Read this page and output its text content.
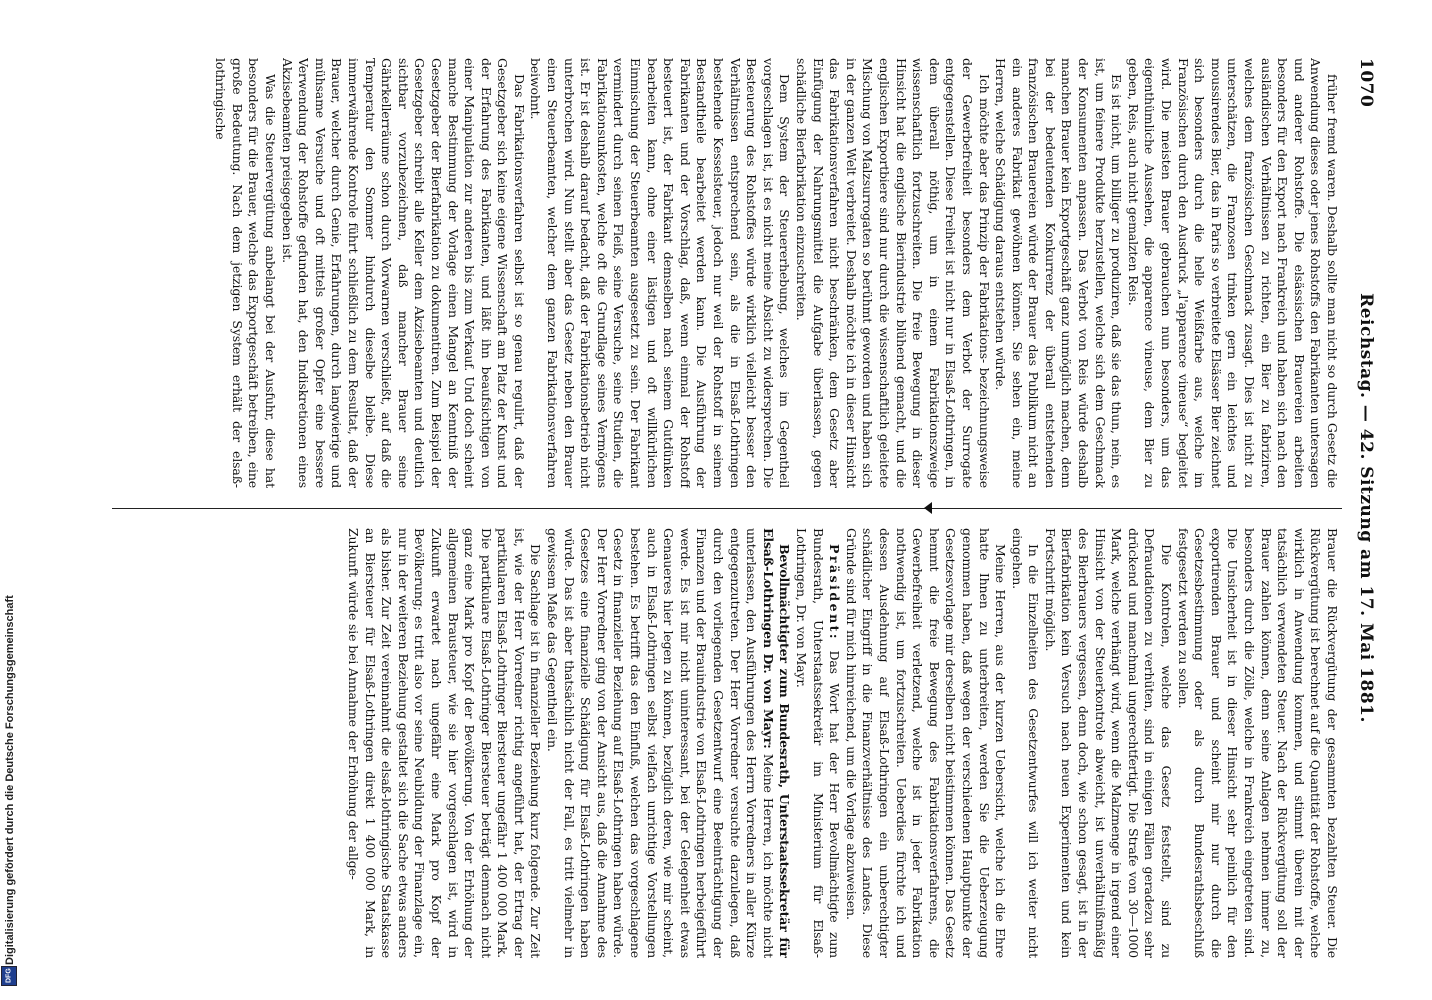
1070
Reichstag. — 42. Sitzung am 17. Mai 1881.

früher fremd waren. Deshalb sollte man nicht so durch Gesetz die Anwendung dieses oder jenes Rohstoffs den Fabrikanten untersagen und anderer Rohstoffe. Die elsässischen Brauereien arbeiten besonders für den Export nach Frankreich und haben sich nach den ausländischen Verhältnissen zu richten, ein Bier zu fabriziren, welches dem französischen Geschmack zusagt. Dies ist nicht zu unterschätzen, die Franzosen trinken gern ein leichtes und moussirendes Bier, das in Paris so verbreitete Elsässer Bier zeichnet sich besonders durch die helle Weißfarbe aus, welche im Französischen durch den Ausdruck „l'apparence vineuse“ begleitet wird. Die meisten Brauer gebrauchen nun besonders, um das eigenthümliche Aussehen, die apparence vineuse, dem Bier zu geben, Reis, auch nicht gemalzten Reis.

Es ist nicht, um billiger zu produziren, daß sie das thun, nein, es ist, um feinere Produkte herzustellen, welche sich dem Geschmack der Konsumenten anpassen. Das Verbot von Reis würde deshalb manchen Brauer kein Exportgeschäft ganz unmöglich machen, denn bei der bedeutenden Konkurrenz der überall entstehenden französischen Brauereien würde der Brauer das Publikum nicht an ein anderes Fabrikat gewöhnen können. Sie sehen ein, meine Herren, welche Schädigung daraus entstehen würde.

Ich möchte aber das Prinzip der Fabrikations- bezeichnungsweise der Gewerbefreiheit besonders dem Verbot der Surrogate entgegenstellen. Diese Freiheit ist nicht nur in Elsaß-Lothringen, in dem überall nöthig, um in einem Fabrikationszweige wissenschaftlich fortzuschreiten. Die freie Bewegung in dieser Hinsicht hat die englische Bierindustrie blühend gemacht, und die englischen Exportbiere sind nur durch die wissenschaftlich geleitete Mischung von Malzsurrogaten so berühmt geworden und haben sich in der ganzen Welt verbreitet. Deshalb möchte ich in dieser Hinsicht das Fabrikationsverfahren nicht beschränken, dem Gesetz aber Einfügung der Nahrungsmittel die Aufgabe überlassen, gegen schädliche Bierfabrikation einzuschreiten.

Dem System der Steuererhebung, welches im Gegentheil vorgeschlagen ist, ist es nicht meine Absicht zu widersprechen. Die Besteuerung des Rohstoffes würde wirklich vielleicht besser den Verhältnissen entsprechend sein, als die in Elsaß-Lothringen bestehende Kesselsteuer, jedoch nur weil der Rohstoff in seinem Bestandtheile bearbeitet werden kann. Die Ausführung der Fabrikanten und der Vorschlag, daß, wenn einmal der Rohstoff besteuert ist, der Fabrikant demselben nach seinem Gutdünken bearbeiten kann, ohne einer lästigen und oft willkürlichen Einmischung der Steuerbeamten ausgesetzt zu sein. Der Fabrikant vermindert durch seinen Fleiß, seine Versuche, seine Studien, die Fabrikationsunkosten, welche oft die Grundlage seines Vermögens ist. Er ist deshalb darauf bedacht, daß der Fabrikationsbetrieb nicht unterbrochen wird. Nun stellt aber das Gesetz neben den Brauer einen Steuerbeamten, welcher dem ganzen Fabrikationsverfahren beiwohnt.

Das Fabrikationsverfahren selbst ist so genau regulirt, daß der Gesetzgeber sich keine eigene Wissenschaft am Platz der Kunst und der Erfahrung des Fabrikanten, und läßt ihn beaufsichtigen von einer Manipulation zur anderen bis zum Verkauf. Und doch scheint manche Bestimmung der Vorlage einen Mangel an Kenntniß der Gesetzgeber der Bierfabrikation zu dokumentiren. Zum Beispiel der Gesetzgeber schreibt alle Keller dem Akzisebeamten und deutlich sichtbar vorzubezeichnen, daß mancher Brauer seine Gährkellerräume schon durch Vorwarnen verschließt, auf daß die Temperatur den Sommer hindurch dieselbe bleibe. Diese immerwährende Kontrole führt schließlich zu dem Resultat, daß der Brauer, welcher durch Genie, Erfahrungen, durch langwierige und mühsame Versuche und oft mittels großer Opfer eine bessere Verwendung der Rohstoffe gefunden hat, den Indiskretionen eines Akzisebeamten preisgegeben ist.

Was die Steuervergütung anbelangt bei der Ausfuhr, diese hat besonders für die Brauer, welche das Exportgeschäft betreiben, eine große Bedeutung. Nach dem jetzigen System erhält der elsaß-lothringische

Brauer die Rückvergütung der gesammten bezahlten Steuer. Die Rückvergütung ist berechnet auf die Quantität der Rohstoffe, welche wirklich in Anwendung kommen, und stimmt überein mit der tatsächlich verwendeten Steuer. Nach der Rückvergütung soll der Brauer zahlen können, denn seine Anlagen nehmen immer zu, besonders durch die Zölle, welche in Frankreich eingetreten sind. Die Unsicherheit ist in dieser Hinsicht sehr peinlich für den exportirenden Brauer und scheint mir nur durch die Gesetzesbestimmung oder als durch Bundesrathsbeschluß festgesetzt werden zu sollen.

Die Kontrolen, welche das Gesetz feststellt, sind zu Defraudationen zu verhüten, sind in einigen Fällen geradezu sehr drückend und manchmal ungerechtfertigt. Die Strafe von 30—1000 Mark, welche verhängt wird, wenn die Malzmenge in irgend einer Hinsicht von der Steuerkontrole abweicht, ist unverhältnißmäßig des Bierbrauers vergessen, denn doch, wie schon gesagt, ist in der Bierfabrikation kein Versuch nach neuen Experimenten und kein Fortschritt möglich.

In die Einzelheiten des Gesetzentwurfes will ich weiter nicht eingehen.

Meine Herren, aus der kurzen Uebersicht, welche ich die Ehre hatte Ihnen zu unterbreiten, werden Sie die Ueberzeugung genommen haben, daß wegen der verschiedenen Hauptpunkte der Gesetzesvorlage mir derselben nicht beistimmen können. Das Gesetz hemmt die freie Bewegung des Fabrikationsverfahrens, die Gewerbefreiheit verletzend, welche ist in jeder Fabrikation nothwendig ist, um fortzuschreiten. Ueberdies fürchte ich und dessen Ausdehnung auf Elsaß-Lothringen ein unberechtigter schädlicher Eingriff in die Finanzverhältnisse des Landes. Diese Gründe sind für mich hinreichend, um die Vorlage abzuweisen.

Präsident: Das Wort hat der Herr Bevollmächtigte zum Bundesrath, Unterstaatssekretär im Ministerium für Elsaß-Lothringen, Dr. von Mayr.

Bevollmächtigter zum Bundesrath, Unterstaatssekretär für Elsaß-Lothringen Dr. von Mayr: Meine Herren, ich möchte nicht unterlassen, den Ausführungen des Herrn Vorredners in aller Kürze entgegenzutreten. Der Herr Vorredner versuchte darzulegen, daß durch den vorliegenden Gesetzentwurf eine Beeinträchtigung der Finanzen und der Brauindustrie von Elsaß-Lothringen herbeigeführt werde. Es ist mir nicht uninteressant, bei der Gelegenheit etwas Genaueres hier legen zu können, bezüglich deren, wie mir scheint, auch in Elsaß-Lothringen selbst vielfach unrichtige Vorstellungen bestehen. Es betrifft das den Einfluß, welchen das vorgeschlagene Gesetz in finanzieller Beziehung auf Elsaß-Lothringen haben würde. Der Herr Vorredner ging von der Ansicht aus, daß die Annahme des Gesetzes eine finanzielle Schädigung für Elsaß-Lothringen haben würde. Das ist aber thatsächlich nicht der Fall, es tritt vielmehr in gewissem Maße das Gegentheil ein.

Die Sachlage ist in finanzieller Beziehung kurz folgende. Zur Zeit ist, wie der Herr Vorredner richtig angeführt hat, der Ertrag der partikularen Elsaß-Lothringer Biersteuer ungefähr 1 400 000 Mark. Die partikulare Elsaß-Lothringer Biersteuer beträgt demnach nicht ganz eine Mark pro Kopf der Bevölkerung. Von der Erhöhung der allgemeinen Brausteuer, wie sie hier vorgeschlagen ist, wird in Zukunft erwartet nach ungefähr eine Mark pro Kopf der Bevölkerung; es tritt also vor seine Neubildung der Finanzlage ein, nur in der weiteren Beziehung gestaltet sich die Sache etwas anders als bisher. Zur Zeit vereinnahmt die elsaß-lothringische Staatskasse an Biersteuer für Elsaß-Lothringen direkt 1 400 000 Mark, in Zukunft würde sie bei Annahme der Erhöhung der allge-

Digitalisierung gefördert durch die Deutsche Forschungsgemeinschaft
DFG
